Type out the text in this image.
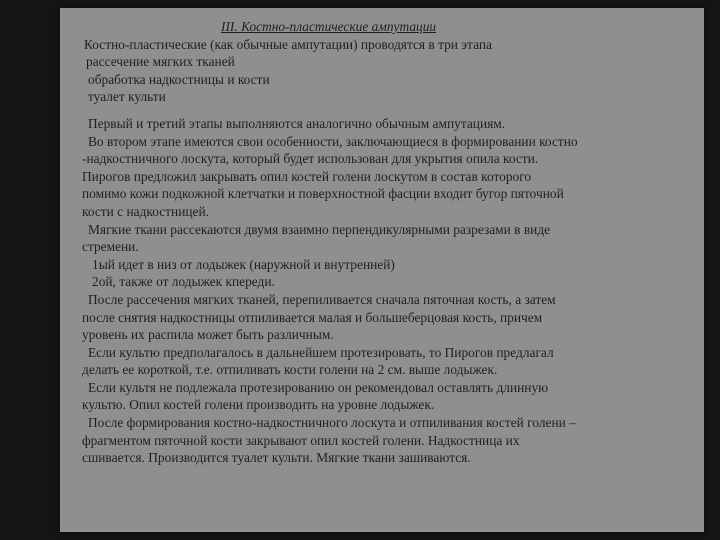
III. Костно-пластические ампутации
Костно-пластические (как обычные ампутации) проводятся в три этапа
рассечение мягких тканей
обработка надкостницы и кости
туалет культи
Первый и третий этапы выполняются аналогично обычным ампутациям.
Во втором этапе имеются свои особенности, заключающиеся в формировании костно
-надкостничного лоскута, который будет использован для укрытия опила кости.
Пирогов предложил закрывать опил костей голени лоскутом в состав которого
помимо кожи подкожной клетчатки и поверхностной фасции входит бугор пяточной
кости с надкостницей.
Мягкие ткани рассекаются двумя взаимно перпендикулярными разрезами в виде
стремени.
1ый идет в низ от лодыжек (наружной и внутренней)
2ой, также от лодыжек кпереди.
После рассечения мягких тканей, перепиливается сначала пяточная кость, а затем
после снятия надкостницы отпиливается малая и большеберцовая кость, причем
уровень их распила может быть различным.
Если культю предполагалось в дальнейшем протезировать, то Пирогов предлагал
делать ее короткой, т.е. отпиливать кости голени на 2 см. выше лодыжек.
Если культя не подлежала протезированию он рекомендовал оставлять длинную
культю. Опил костей голени производить на уровне лодыжек.
После формирования костно-надкостничного лоскута и отпиливания костей голени –
фрагментом пяточной кости закрывают опил костей голени. Надкостница их
сшивается. Производится туалет культи. Мягкие ткани зашиваются.
